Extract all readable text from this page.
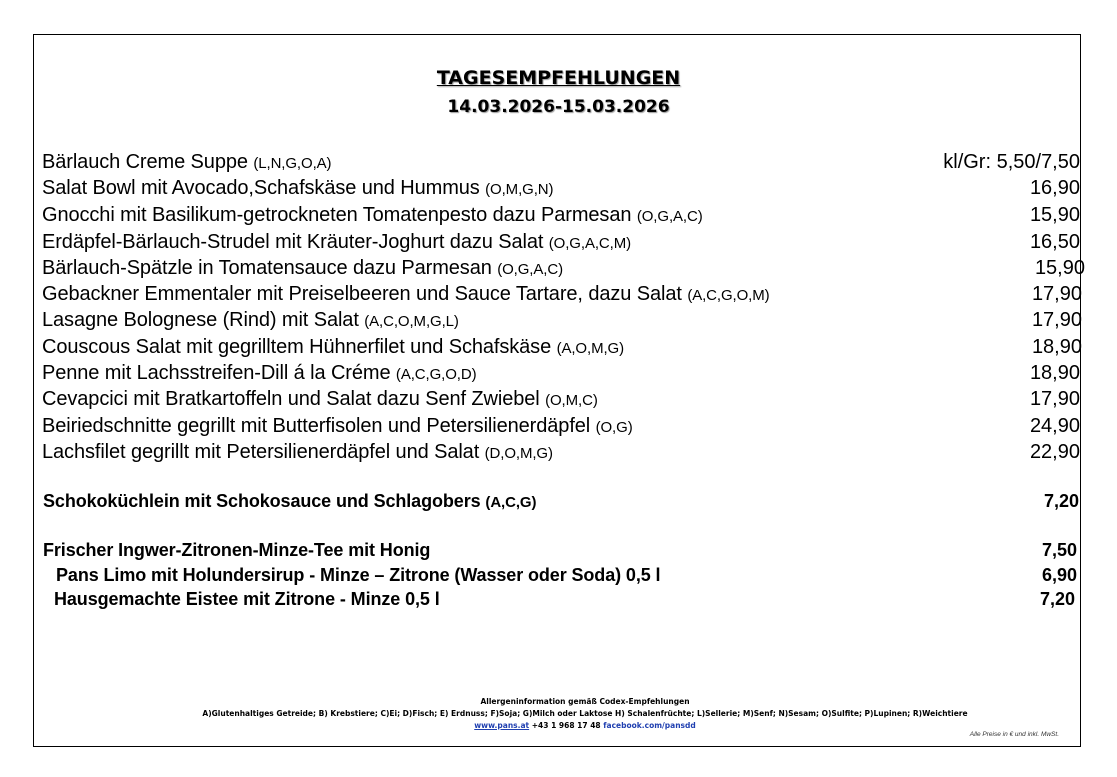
TAGESEMPFEHLUNGEN
14.03.2026-15.03.2026
Bärlauch Creme Suppe (L,N,G,O,A)	kl/Gr: 5,50/7,50
Salat Bowl mit Avocado,Schafskäse und Hummus (O,M,G,N)	16,90
Gnocchi mit Basilikum-getrockneten Tomatenpesto dazu Parmesan (O,G,A,C)	15,90
Erdäpfel-Bärlauch-Strudel mit Kräuter-Joghurt dazu Salat (O,G,A,C,M)	16,50
Bärlauch-Spätzle in Tomatensauce dazu Parmesan (O,G,A,C)	15,90
Gebackner Emmentaler mit Preiselbeeren und Sauce Tartare, dazu Salat (A,C,G,O,M)	17,90
Lasagne Bolognese (Rind) mit Salat (A,C,O,M,G,L)	17,90
Couscous Salat mit gegrilltem Hühnerfilet und Schafskäse (A,O,M,G)	18,90
Penne mit Lachsstreifen-Dill á la Créme (A,C,G,O,D)	18,90
Cevapcici mit Bratkartoffeln und Salat dazu Senf Zwiebel (O,M,C)	17,90
Beiriedschnitte gegrillt mit Butterfisolen und Petersilienerdäpfel (O,G)	24,90
Lachsfilet gegrillt mit Petersilienerdäpfel und Salat (D,O,M,G)	22,90
Schokoküchlein mit Schokosauce und Schlagobers (A,C,G)	7,20
Frischer Ingwer-Zitronen-Minze-Tee mit Honig	7,50
Pans Limo mit Holundersirup - Minze – Zitrone (Wasser oder Soda) 0,5 l	6,90
Hausgemachte Eistee mit Zitrone - Minze 0,5 l	7,20
Allergeninformation gemäß Codex-Empfehlungen
A)Glutenhaltiges Getreide; B) Krebstiere; C)Ei; D)Fisch; E) Erdnuss; F)Soja; G)Milch oder Laktose H) Schalenfrüchte; L)Sellerie; M)Senf; N)Sesam; O)Sulfite; P)Lupinen; R)Weichtiere
www.pans.at +43 1 968 17 48 facebook.com/pansdd
Alle Preise in € und inkl. MwSt.
